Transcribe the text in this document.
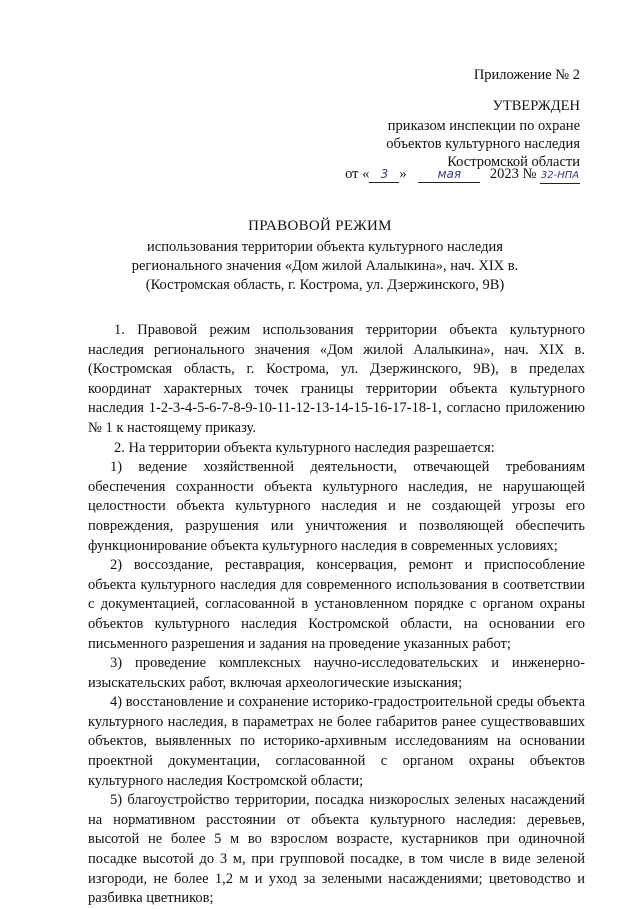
Приложение № 2
УТВЕРЖДЕН
приказом инспекции по охране
объектов культурного наследия
Костромской области
от « 3 »	мая 2023 № 32-НПА
ПРАВОВОЙ РЕЖИМ
использования территории объекта культурного наследия
регионального значения «Дом жилой Алалыкина», нач. XIX в.
(Костромская область, г. Кострома, ул. Дзержинского, 9В)

1. Правовой режим использования территории объекта культурного наследия регионального значения «Дом жилой Алалыкина», нач. XIX в. (Костромская область, г. Кострома, ул. Дзержинского, 9В), в пределах координат характерных точек границы территории объекта культурного наследия 1-2-3-4-5-6-7-8-9-10-11-12-13-14-15-16-17-18-1, согласно приложению № 1 к настоящему приказу.

2. На территории объекта культурного наследия разрешается:

1) ведение хозяйственной деятельности, отвечающей требованиям обеспечения сохранности объекта культурного наследия, не нарушающей целостности объекта культурного наследия и не создающей угрозы его повреждения, разрушения или уничтожения и позволяющей обеспечить функционирование объекта культурного наследия в современных условиях;

2) воссоздание, реставрация, консервация, ремонт и приспособление объекта культурного наследия для современного использования в соответствии с документацией, согласованной в установленном порядке с органом охраны объектов культурного наследия Костромской области, на основании его письменного разрешения и задания на проведение указанных работ;

3) проведение комплексных научно-исследовательских и инженерно-изыскательских работ, включая археологические изыскания;

4) восстановление и сохранение историко-градостроительной среды объекта культурного наследия, в параметрах не более габаритов ранее существовавших объектов, выявленных по историко-архивным исследованиям на основании проектной документации, согласованной с органом охраны объектов культурного наследия Костромской области;

5) благоустройство территории, посадка низкорослых зеленых насаждений на нормативном расстоянии от объекта культурного наследия: деревьев, высотой не более 5 м во взрослом возрасте, кустарников при одиночной посадке высотой до 3 м, при групповой посадке, в том числе в виде зеленой изгороди, не более 1,2 м и уход за зелеными насаждениями; цветоводство и разбивка цветников;
